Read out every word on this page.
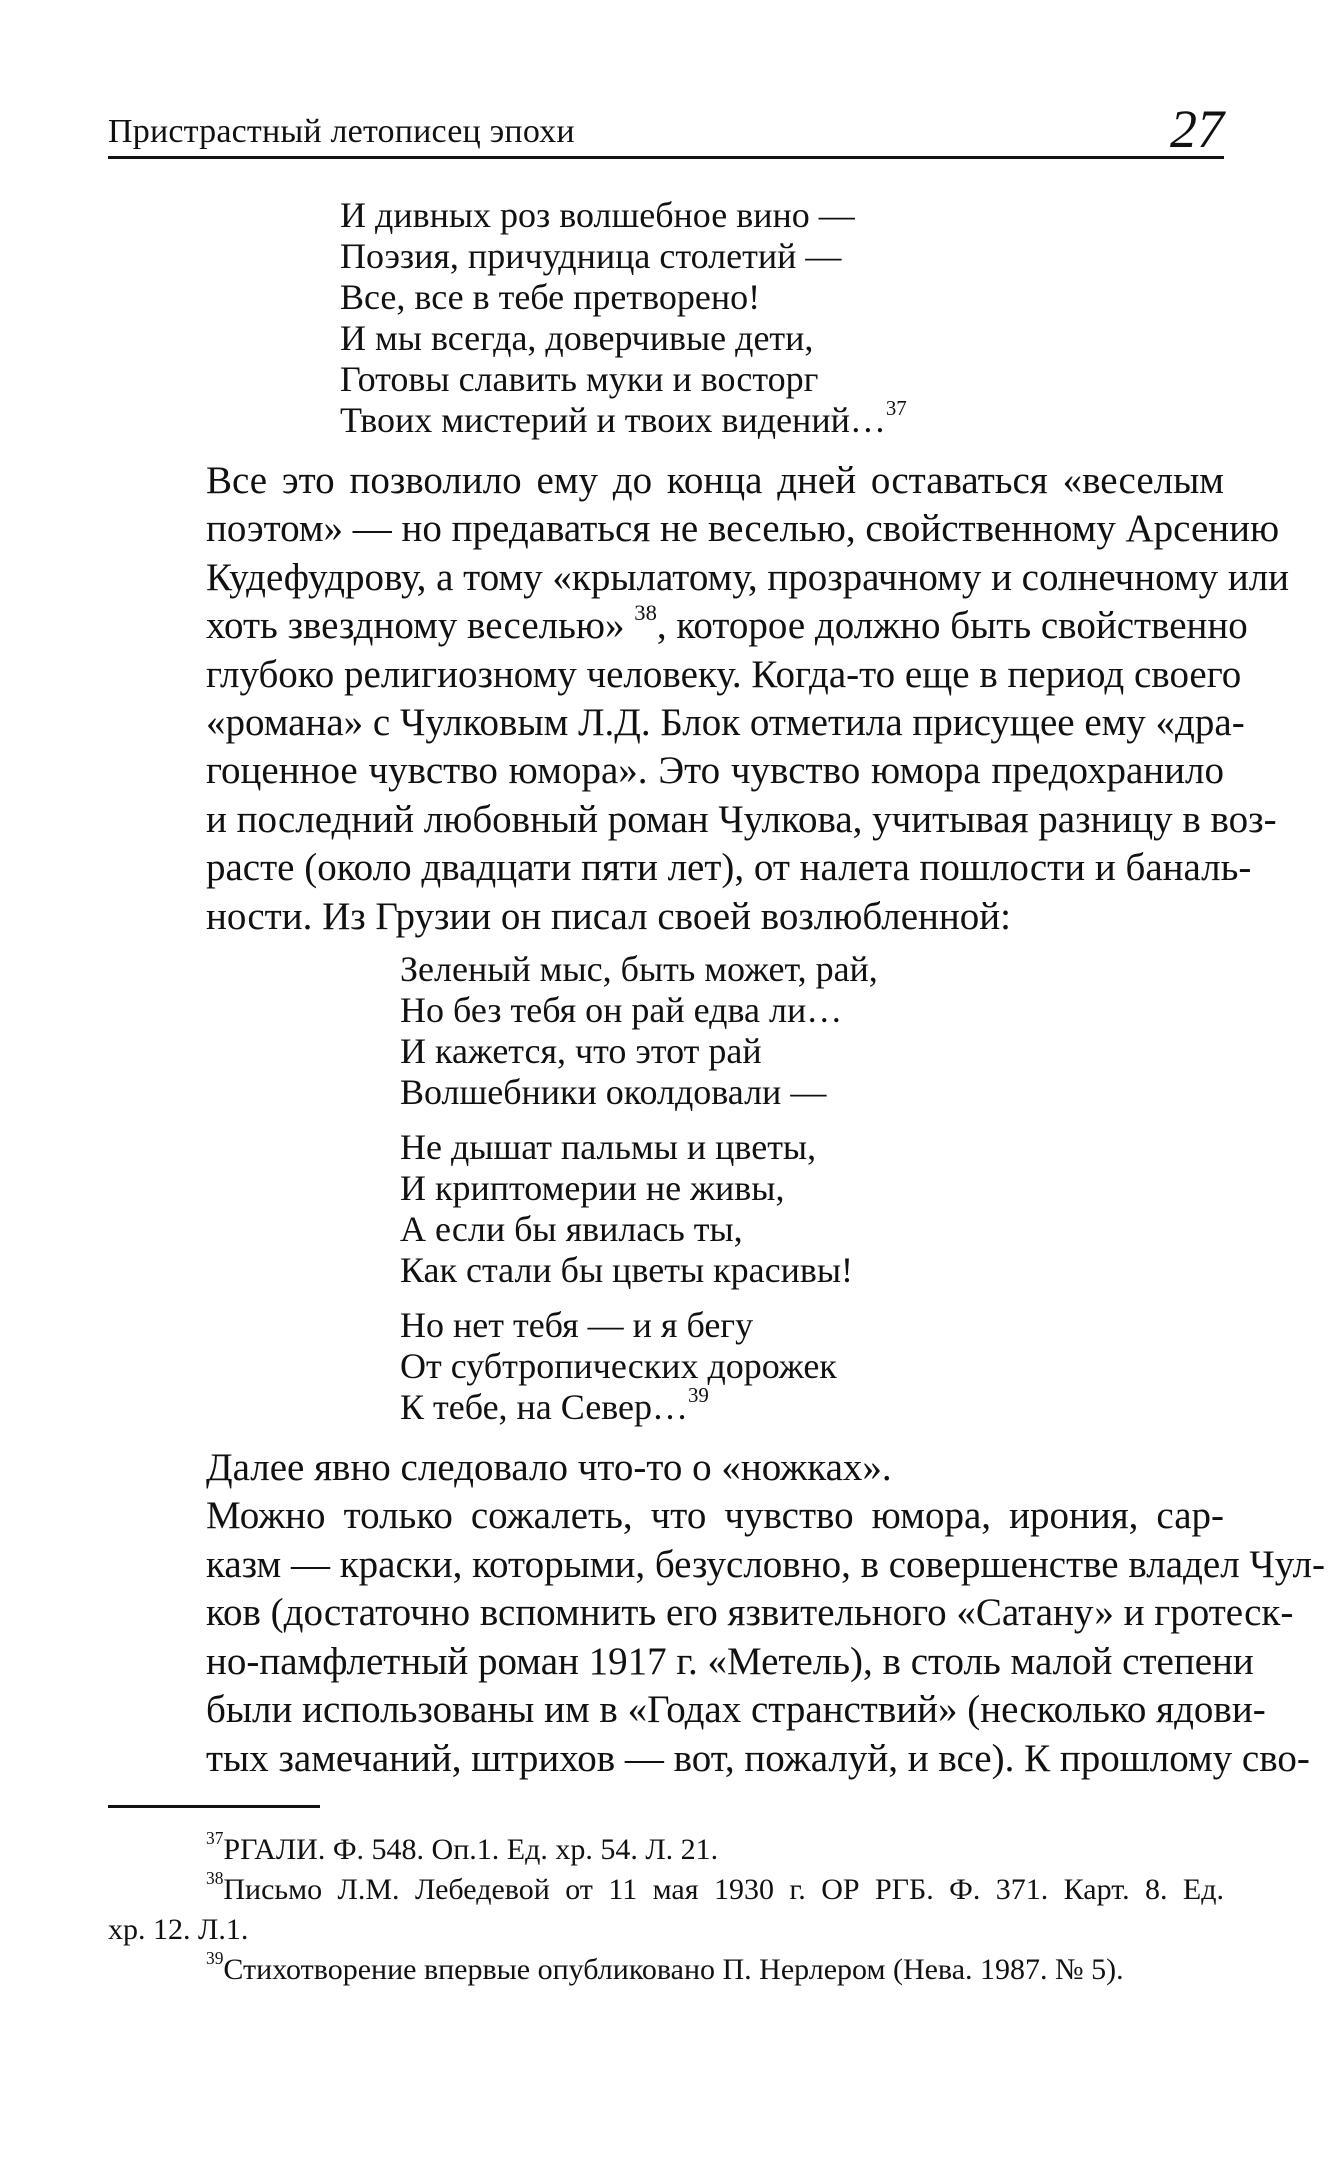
Пристрастный летописец эпохи	27
И дивных роз волшебное вино —
Поэзия, причудница столетий —
Все, все в тебе претворено!
И мы всегда, доверчивые дети,
Готовы славить муки и восторг
Твоих мистерий и твоих видений…$^{37}$
Все это позволило ему до конца дней оставаться «веселым
поэтом» — но предаваться не веселью, свойственному Арсению
Кудефудрову, а тому «крылатому, прозрачному и солнечному или
хоть звездному веселью» $^{38}$, которое должно быть свойственно
глубоко религиозному человеку. Когда-то еще в период своего
«романа» с Чулковым Л.Д. Блок отметила присущее ему «дра-
гоценное чувство юмора». Это чувство юмора предохранило
и последний любовный роман Чулкова, учитывая разницу в воз-
расте (около двадцати пяти лет), от налета пошлости и баналь-
ности. Из Грузии он писал своей возлюбленной:
Зеленый мыс, быть может, рай,
Но без тебя он рай едва ли…
И кажется, что этот рай
Волшебники околдовали —
Не дышат пальмы и цветы,
И криптомерии не живы,
А если бы явилась ты,
Как стали бы цветы красивы!
Но нет тебя — и я бегу
От субтропических дорожек
К тебе, на Север…$^{39}$
Далее явно следовало что-то о «ножках».
Можно только сожалеть, что чувство юмора, ирония, сар-
казм — краски, которыми, безусловно, в совершенстве владел Чул-
ков (достаточно вспомнить его язвительного «Сатану» и гротеск-
но-памфлетный роман 1917 г. «Метель), в столь малой степени
были использованы им в «Годах странствий» (несколько ядови-
тых замечаний, штрихов — вот, пожалуй, и все). К прошлому сво-
$^{37}$РГАЛИ. Ф. 548. Оп.1. Ед. хр. 54. Л. 21.
$^{38}$Письмо Л.М. Лебедевой от 11 мая 1930 г. ОР РГБ. Ф. 371. Карт. 8. Ед.
хр. 12. Л.1.
$^{39}$Стихотворение впервые опубликовано П. Нерлером (Нева. 1987. № 5).
